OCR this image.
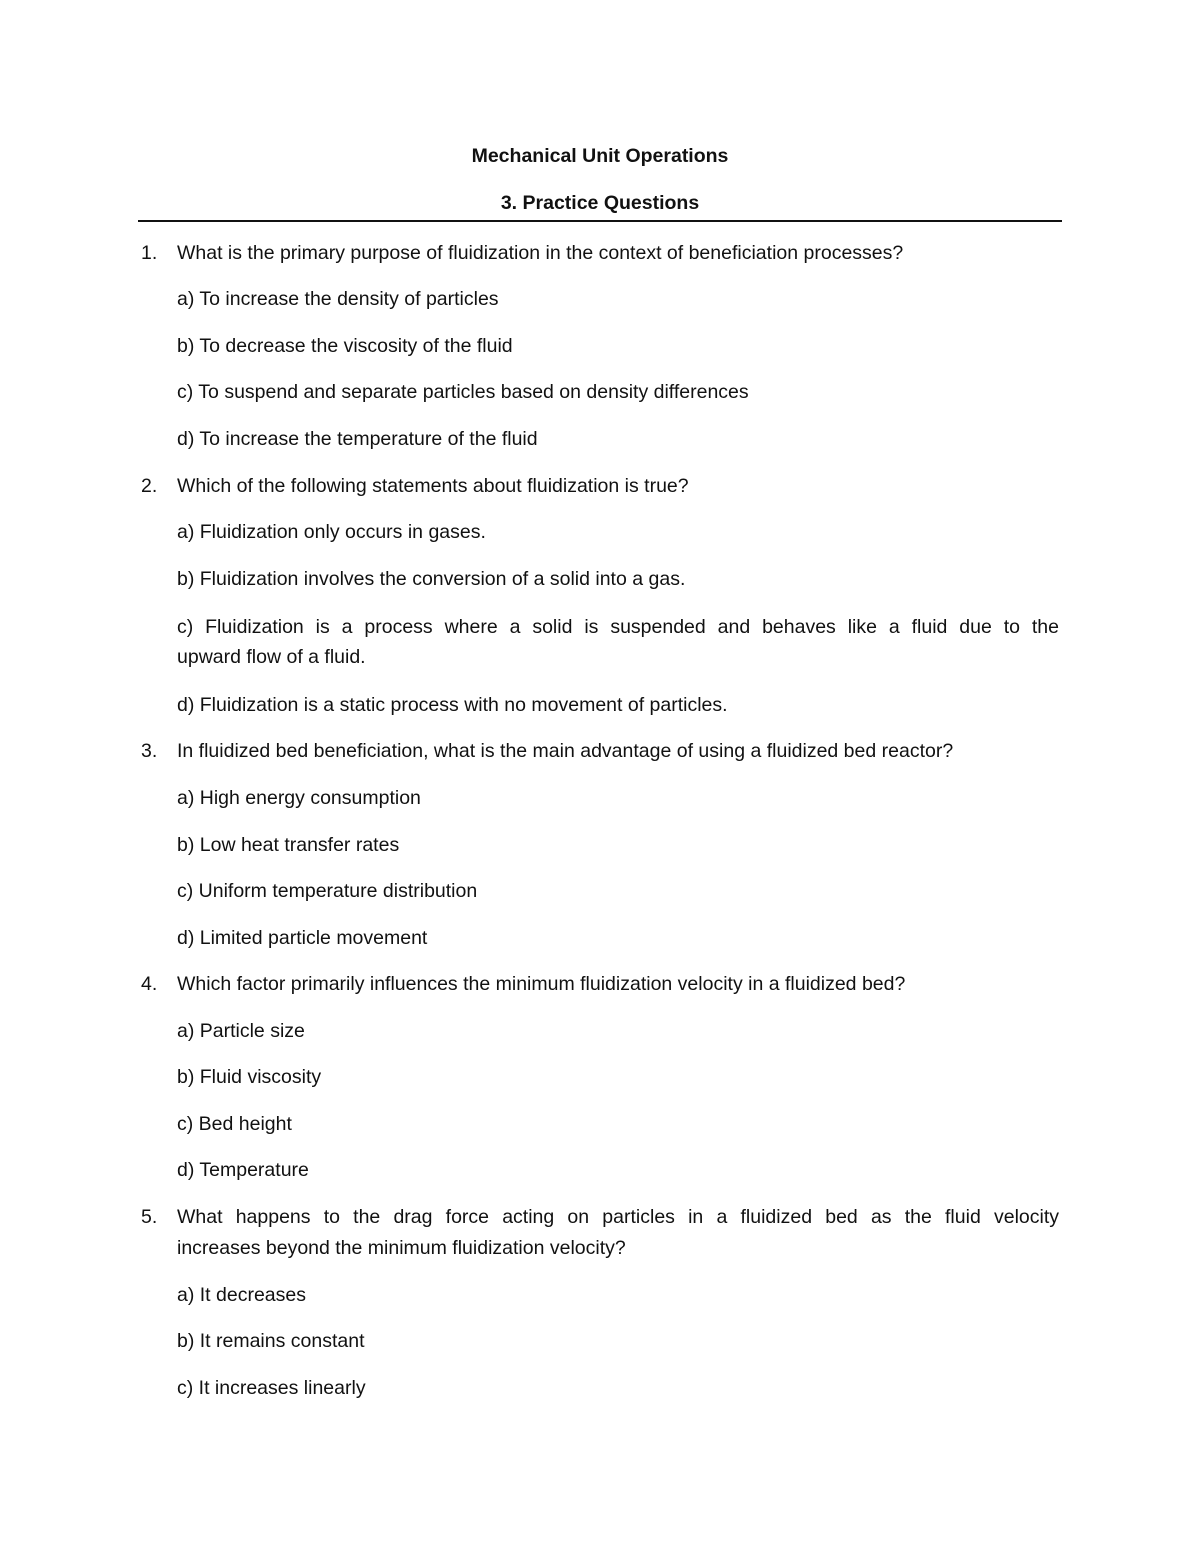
Mechanical Unit Operations
3. Practice Questions
1. What is the primary purpose of fluidization in the context of beneficiation processes?
a) To increase the density of particles
b) To decrease the viscosity of the fluid
c) To suspend and separate particles based on density differences
d) To increase the temperature of the fluid
2. Which of the following statements about fluidization is true?
a) Fluidization only occurs in gases.
b) Fluidization involves the conversion of a solid into a gas.
c) Fluidization is a process where a solid is suspended and behaves like a fluid due to the
upward flow of a fluid.
d) Fluidization is a static process with no movement of particles.
3. In fluidized bed beneficiation, what is the main advantage of using a fluidized bed reactor?
a) High energy consumption
b) Low heat transfer rates
c) Uniform temperature distribution
d) Limited particle movement
4. Which factor primarily influences the minimum fluidization velocity in a fluidized bed?
a) Particle size
b) Fluid viscosity
c) Bed height
d) Temperature
5. What happens to the drag force acting on particles in a fluidized bed as the fluid velocity
increases beyond the minimum fluidization velocity?
a) It decreases
b) It remains constant
c) It increases linearly
